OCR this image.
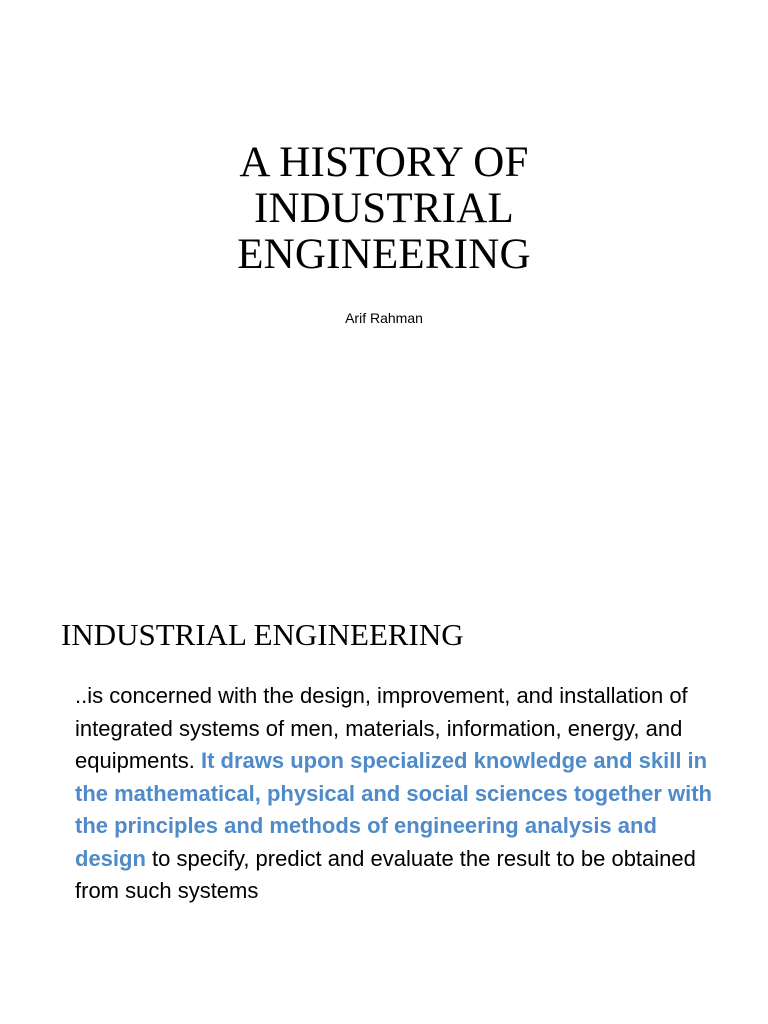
A HISTORY OF
INDUSTRIAL
ENGINEERING
Arif Rahman
INDUSTRIAL ENGINEERING
..is concerned with the design, improvement, and installation of integrated systems of men, materials, information, energy, and equipments. It draws upon specialized knowledge and skill in the mathematical, physical and social sciences together with the principles and methods of engineering analysis and design to specify, predict and evaluate the result to be obtained from such systems
